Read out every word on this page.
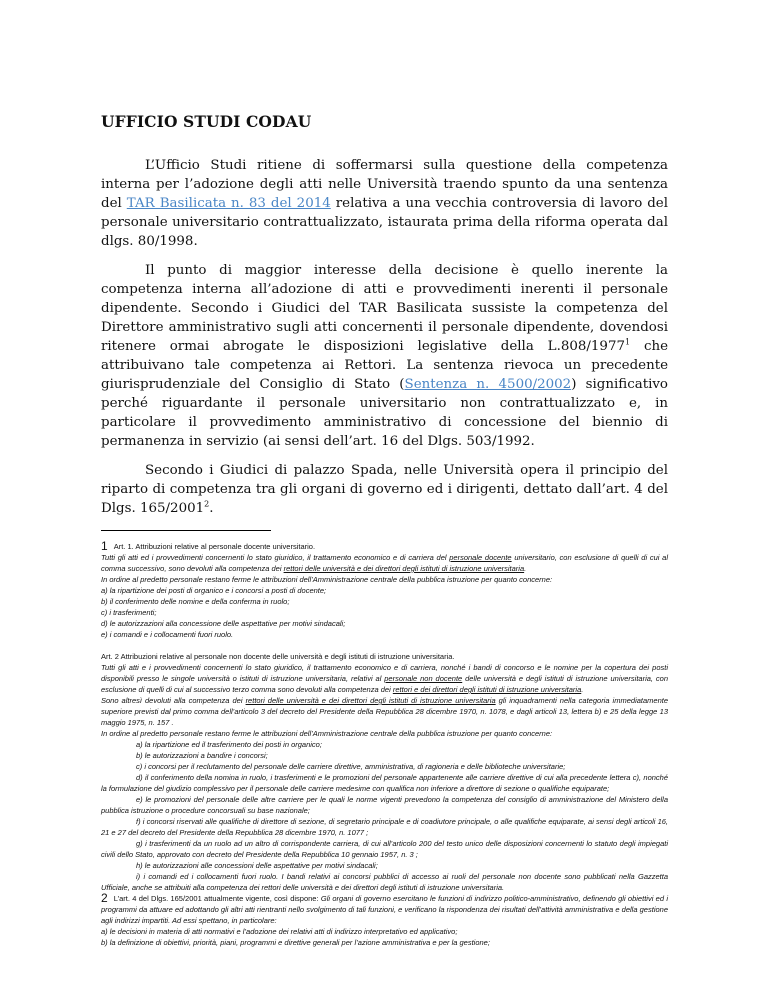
UFFICIO STUDI CODAU

L’Ufficio Studi ritiene di soffermarsi sulla questione della competenza interna per l’adozione degli atti nelle Università traendo spunto da una sentenza del TAR Basilicata n. 83 del 2014 relativa a una vecchia controversia di lavoro del personale universitario contrattualizzato, istaurata prima della riforma operata dal dlgs. 80/1998.

Il punto di maggior interesse della decisione è quello inerente la competenza interna all’adozione di atti e provvedimenti inerenti il personale dipendente. Secondo i Giudici del TAR Basilicata sussiste la competenza del Direttore amministrativo sugli atti concernenti il personale dipendente, dovendosi ritenere ormai abrogate le disposizioni legislative della L.808/1977$^1$ che attribuivano tale competenza ai Rettori. La sentenza rievoca un precedente giurisprudenziale del Consiglio di Stato (Sentenza n. 4500/2002) significativo perché riguardante il personale universitario non contrattualizzato e, in particolare il provvedimento amministrativo di concessione del biennio di permanenza in servizio (ai sensi dell’art. 16 del Dlgs. 503/1992.

Secondo i Giudici di palazzo Spada, nelle Università opera il principio del riparto di competenza tra gli organi di governo ed i dirigenti, dettato dall’art. 4 del Dlgs. 165/2001$^2$.

1 Art. 1. Attribuzioni relative al personale docente universitario.

Tutti gli atti ed i provvedimenti concernenti lo stato giuridico, il trattamento economico e di carriera del personale docente universitario, con esclusione di quelli di cui al comma successivo, sono devoluti alla competenza dei rettori delle università e dei direttori degli istituti di istruzione universitaria.

In ordine al predetto personale restano ferme le attribuzioni dell’Amministrazione centrale della pubblica istruzione per quanto concerne:

a) la ripartizione dei posti di organico e i concorsi a posti di docente;

b) il conferimento delle nomine e della conferma in ruolo;

c) i trasferimenti;

d) le autorizzazioni alla concessione delle aspettative per motivi sindacali;

e) i comandi e i collocamenti fuori ruolo.

Art. 2 Attribuzioni relative al personale non docente delle università e degli istituti di istruzione universitaria.

Tutti gli atti e i provvedimenti concernenti lo stato giuridico, il trattamento economico e di carriera, nonché i bandi di concorso e le nomine per la copertura dei posti disponibili presso le singole università o istituti di istruzione universitaria, relativi al personale non docente delle università e degli istituti di istruzione universitaria, con esclusione di quelli di cui al successivo terzo comma sono devoluti alla competenza dei rettori e dei direttori degli istituti di istruzione universitaria.

Sono altresì devoluti alla competenza dei rettori delle università e dei direttori degli istituti di istruzione universitaria gli inquadramenti nella categoria immediatamente superiore previsti dal primo comma dell’articolo 3 del decreto del Presidente della Repubblica 28 dicembre 1970, n. 1078, e dagli articoli 13, lettera b) e 25 della legge 13 maggio 1975, n. 157 .

In ordine al predetto personale restano ferme le attribuzioni dell’Amministrazione centrale della pubblica istruzione per quanto concerne:

a) la ripartizione ed il trasferimento dei posti in organico;

b) le autorizzazioni a bandire i concorsi;

c) i concorsi per il reclutamento del personale delle carriere direttive, amministrativa, di ragioneria e delle biblioteche universitarie;

d) il conferimento della nomina in ruolo, i trasferimenti e le promozioni del personale appartenente alle carriere direttive di cui alla precedente lettera c), nonché la formulazione del giudizio complessivo per il personale delle carriere medesime con qualifica non inferiore a direttore di sezione o qualifiche equiparate;

e) le promozioni del personale delle altre carriere per le quali le norme vigenti prevedono la competenza del consiglio di amministrazione del Ministero della pubblica istruzione o procedure concorsuali su base nazionale;

f) i concorsi riservati alle qualifiche di direttore di sezione, di segretario principale e di coadiutore principale, o alle qualifiche equiparate, ai sensi degli articoli 16, 21 e 27 del decreto del Presidente della Repubblica 28 dicembre 1970, n. 1077 ;

g) i trasferimenti da un ruolo ad un altro di corrispondente carriera, di cui all’articolo 200 del testo unico delle disposizioni concernenti lo statuto degli impiegati civili dello Stato, approvato con decreto del Presidente della Repubblica 10 gennaio 1957, n. 3 ;

h) le autorizzazioni alle concessioni delle aspettative per motivi sindacali;

i) i comandi ed i collocamenti fuori ruolo. I bandi relativi ai concorsi pubblici di accesso ai ruoli del personale non docente sono pubblicati nella Gazzetta Ufficiale, anche se attribuiti alla competenza dei rettori delle università e dei direttori degli istituti di istruzione universitaria.

2 L’art. 4 del Dlgs. 165/2001 attualmente vigente, così dispone: Gli organi di governo esercitano le funzioni di indirizzo politico-amministrativo, definendo gli obiettivi ed i programmi da attuare ed adottando gli altri atti rientranti nello svolgimento di tali funzioni, e verificano la rispondenza dei risultati dell’attività amministrativa e della gestione agli indirizzi impartiti. Ad essi spettano, in particolare:

a) le decisioni in materia di atti normativi e l’adozione dei relativi atti di indirizzo interpretativo ed applicativo;

b) la definizione di obiettivi, priorità, piani, programmi e direttive generali per l’azione amministrativa e per la gestione;
